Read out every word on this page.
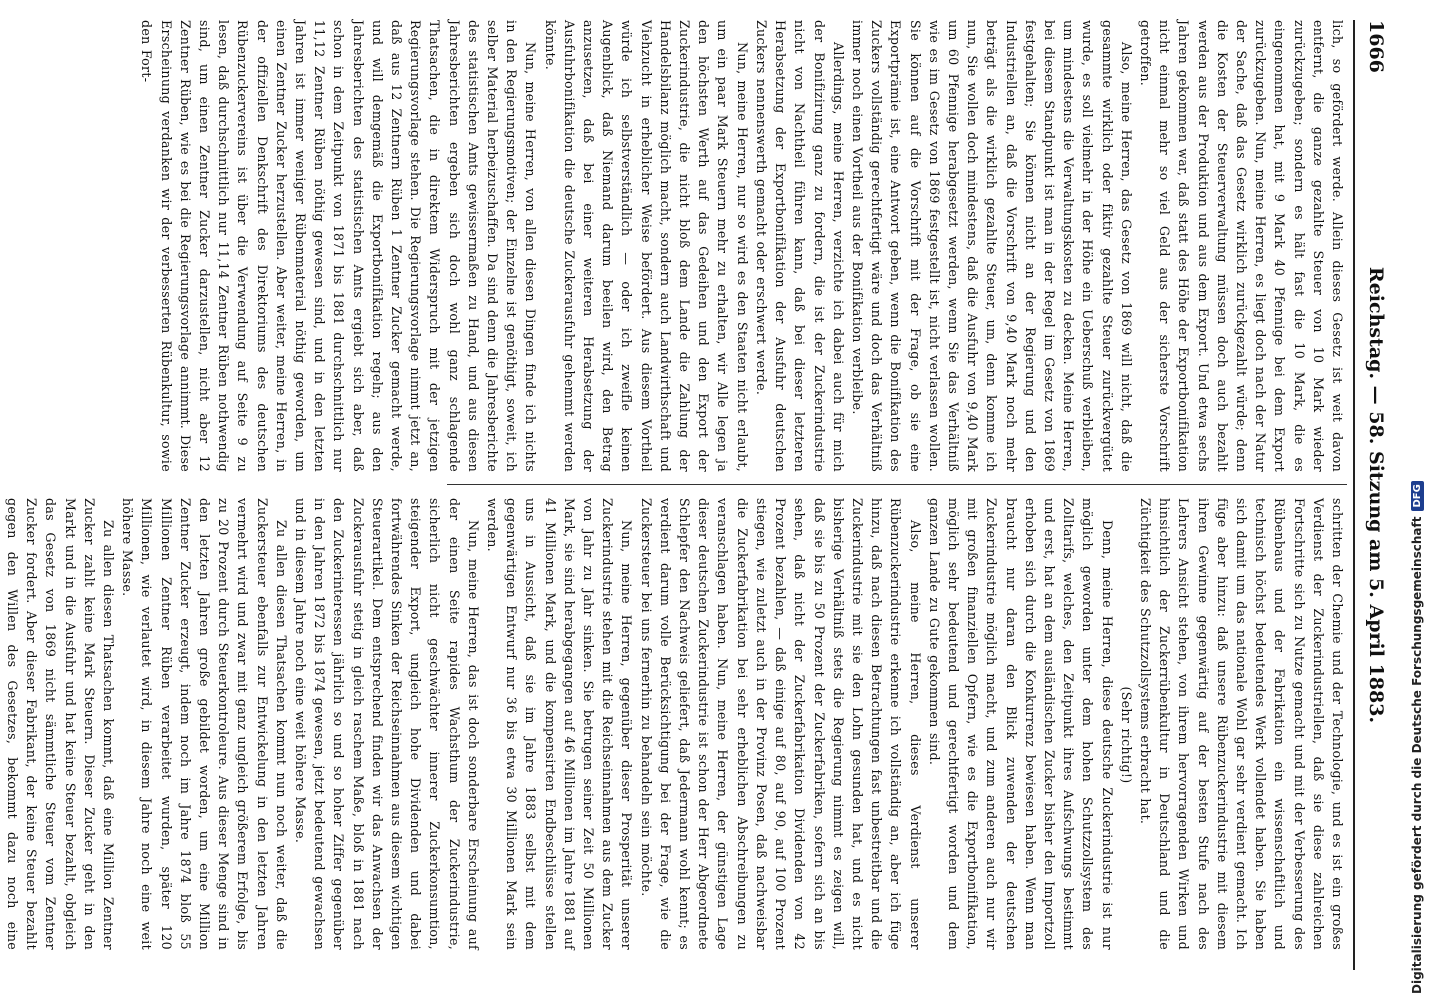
1666
Reichstag. — 58. Sitzung am 5. April 1883.

lich, so gefördert werde. Allein dieses Gesetz ist weit davon entfernt, die ganze gezahlte Steuer von 10 Mark wieder zurückzugeben; sondern es hält fast die 10 Mark, die es eingenommen hat, mit 9 Mark 40 Pfennige bei dem Export zurückzugeben. Nun, meine Herren, es liegt doch nach der Natur der Sache, daß das Gesetz wirklich zurückgezahlt würde; denn die Kosten der Steuerverwaltung müssen doch auch bezahlt werden aus der Produktion und aus dem Export. Und etwa sechs Jahren gekommen war, daß statt des Höhe der Exportbonifikation nicht einmal mehr so viel Geld aus der sicherste Vorschrift getroffen.

Also, meine Herren, das Gesetz von 1869 will nicht, daß die gesammte wirklich oder fiktiv gezahlte Steuer zurückvergütet wurde, es soll vielmehr in der Höhe ein Ueberschuß verbleiben, um mindestens die Verwaltungskosten zu decken. Meine Herren, bei diesem Standpunkt ist man in der Regel im Gesetz von 1869 festgehalten; Sie können nicht an der Regierung und den Industriellen an, daß die Vorschrift von 9,40 Mark noch mehr beträgt als die wirklich gezahlte Steuer, um, denn komme ich nun, Sie wollen doch mindestens, daß die Ausfuhr von 9,40 Mark um 60 Pfennige herabgesetzt werden, wenn Sie das Verhältniß wie es im Gesetz von 1869 festgestellt ist, nicht verlassen wollen. Sie können auf die Vorschrift mit der Frage, ob sie eine Exportprämie ist, eine Antwort geben, wenn die Bonifikation des Zuckers vollständig gerechtfertigt wäre und doch das Verhältniß immer noch einen Vortheil aus der Bonifikation verbleibe.

Allerdings, meine Herren, verzichte ich dabei auch für mich der Bonifizirung ganz zu fordern, die ist der Zuckerindustrie nicht von Nachtheil führen kann, daß bei dieser letzteren Herabsetzung der Exportbonifikation der Ausfuhr deutschen Zuckers nennenswerth gemacht oder erschwert werde.

Nun, meine Herren, nur so wird es den Staaten nicht erlaubt, um ein paar Mark Steuern mehr zu erhalten, wir Alle legen ja den höchsten Werth auf das Gedeihen und den Export der Zuckerindustrie, die nicht bloß dem Lande die Zahlung der Handelsbilanz möglich macht, sondern auch Landwirthschaft und Viehzucht in erheblicher Weise befördert. Aus diesem Vortheil würde ich selbstverständlich — oder ich zweifle keinen Augenblick, daß Niemand darum beeilen wird, den Betrag anzusetzen, daß bei einer weiteren Herabsetzung der Ausfuhrbonifikation die deutsche Zuckerausfuhr gehemmt werden könnte.

Nun, meine Herren, von allen diesen Dingen finde ich nichts in den Regierungsmotiven; der Einzelne ist genöthigt, soweit, ich selber Material herbeizuschaffen. Da sind denn die Jahresberichte des statistischen Amts gewissermaßen zu Hand, und aus diesen Jahresberichten ergeben sich doch wohl ganz schlagende Thatsachen, die in direktem Widerspruch mit der jetzigen Regierungsvorlage stehen. Die Regierungsvorlage nimmt jetzt an, daß aus 12 Zentnern Rüben 1 Zentner Zucker gemacht werde, und will demgemäß die Exportbonifikation regeln; aus den Jahresberichten des statistischen Amts ergiebt sich aber, daß schon in dem Zeitpunkt von 1871 bis 1881 durchschnittlich nur 11,12 Zentner Rüben nöthig gewesen sind, und in den letzten Jahren ist immer weniger Rübenmaterial nöthig geworden, um einen Zentner Zucker herzustellen. Aber weiter, meine Herren, in der offiziellen Denkschrift des Direktoriums des deutschen Rübenzuckervereins ist über die Verwendung auf Seite 9 zu lesen, daß durchschnittlich nur 11,14 Zentner Rüben nothwendig sind, um einen Zentner Zucker darzustellen, nicht aber 12 Zentner Rüben, wie es bei die Regierungsvorlage annimmt. Diese Erscheinung verdanken wir der verbesserten Rübenkultur, sowie den Fort-

schritten der Chemie und der Technologie, und es ist ein großes Verdienst der Zuckerindustriellen, daß sie diese zahlreichen Fortschritte sich zu Nutze gemacht und mit der Verbesserung des Rübenbaus und der Fabrikation ein wissenschaftlich und technisch höchst bedeutendes Werk vollendet haben. Sie haben sich damit um das nationale Wohl gar sehr verdient gemacht. Ich füge aber hinzu: daß unsere Rübenzuckerindustrie mit diesem ihren Gewinne gegenwärtig auf der besten Stufe nach des Lehrers Ansicht stehen, von ihrem hervorragenden Wirken und hinsichtlich der Zuckerrübenkultur in Deutschland und die Züchtigkeit des Schutzzollsystems erbracht hat.

(Sehr richtig!)

Denn, meine Herren, diese deutsche Zuckerindustrie ist nur möglich geworden unter dem hohen Schutzzollsystem des Zolltarifs, welches, den Zeitpunkt ihres Aufschwungs bestimmt und erst, hat an dem ausländischen Zucker bisher den Importzoll erhoben sich durch die Konkurrenz bewiesen haben. Wenn man braucht nur daran den Blick zuwenden der deutschen Zuckerindustrie möglich macht, und zum anderen auch nur wir mit großen finanziellen Opfern, wie es die Exportbonifikation, möglich sehr bedeutend und gerechtfertigt worden und dem ganzen Lande zu Gute gekommen sind.

Also, meine Herren, dieses Verdienst unserer Rübenzuckerindustrie erkenne ich vollständig an, aber ich füge hinzu, daß nach diesen Betrachtungen fast unbestreitbar und die Zuckerindustrie mit sie den Lohn gesunden hat, und es nicht bisherige Verhältniß stets die Regierung nimmt es zeigen will, daß sie bis zu 50 Prozent der Zuckerfabriken, sofern sich an bis sehen, daß nicht der Zuckerfabrikation Dividenden von 42 Prozent bezahlen, — daß einige auf 80, auf 90, auf 100 Prozent stiegen, wie zuletzt auch in der Provinz Posen, daß nachweisbar die Zuckerfabrikation bei sehr erheblichen Abschreibungen zu veranschlagen haben. Nun, meine Herren, der günstigen Lage dieser deutschen Zuckerindustrie ist schon der Herr Abgeordnete Schlepfer den Nachweis geliefert, daß Jedermann wohl kennt; es verdient darum volle Berücksichtigung bei der Frage, wie die Zuckersteuer bei uns fernerhin zu behandeln sein möchte.

Nun, meine Herren, gegenüber dieser Prosperität unserer Zuckerindustrie stehen mit die Reichseinnahmen aus dem Zucker von Jahr zu Jahr sinken. Sie betrugen seiner Zeit 50 Millionen Mark, sie sind herabgegangen auf 46 Millionen im Jahre 1881 auf 41 Millionen Mark, und die kompensirten Endbeschlüsse stellen uns in Aussicht, daß sie im Jahre 1883 selbst mit dem gegenwärtigen Entwurf nur 36 bis etwa 30 Millionen Mark sein werden.

Nun, meine Herren, das ist doch sonderbare Erscheinung auf der einen Seite rapides Wachsthum der Zuckerindustrie, sicherlich nicht geschwächter innerer Zuckerkonsumtion, steigender Export, ungleich hohe Dividenden und dabei fortwährendes Sinken der Reichseinnahmen aus diesem wichtigen Steuerartikel. Dem entsprechend finden wir das Anwachsen der Zuckerausfuhr stetig in gleich raschem Maße, bloß in 1881 nach den Zuckerinteressen jährlich so und so hoher Ziffer gegenüber in den Jahren 1872 bis 1874 gewesen, jetzt bedeutend gewachsen und in diesem Jahre noch eine weit höhere Masse.

Zu allen diesen Thatsachen kommt nun noch weiter, daß die Zuckersteuer ebenfalls zur Entwickelung in den letzten Jahren vermehrt wird und zwar mit ganz ungleich größerem Erfolge, bis zu 20 Prozent durch Steuerkontroleure. Aus dieser Menge sind in den letzten Jahren große gebildet worden, um eine Million Zentner Zucker erzeugt, indem noch im Jahre 1874 bloß 55 Millionen Zentner Rüben verarbeitet wurden, später 120 Millionen, wie verlautet wird, in diesem Jahre noch eine weit höhere Masse.

Zu allen diesen Thatsachen kommt, daß eine Million Zentner Zucker zahlt keine Mark Steuern. Dieser Zucker geht in den Markt und in die Ausfuhr und hat keine Steuer bezahlt, obgleich das Gesetz von 1869 nicht sämmtliche Steuer vom Zentner Zucker fordert. Aber dieser Fabrikant, der keine Steuer bezahlt gegen den Willen des Gesetzes, bekommt dazu noch eine	Digitalisierung gefördert durch die Deutsche Forschungsgemeinschaft
DFG
